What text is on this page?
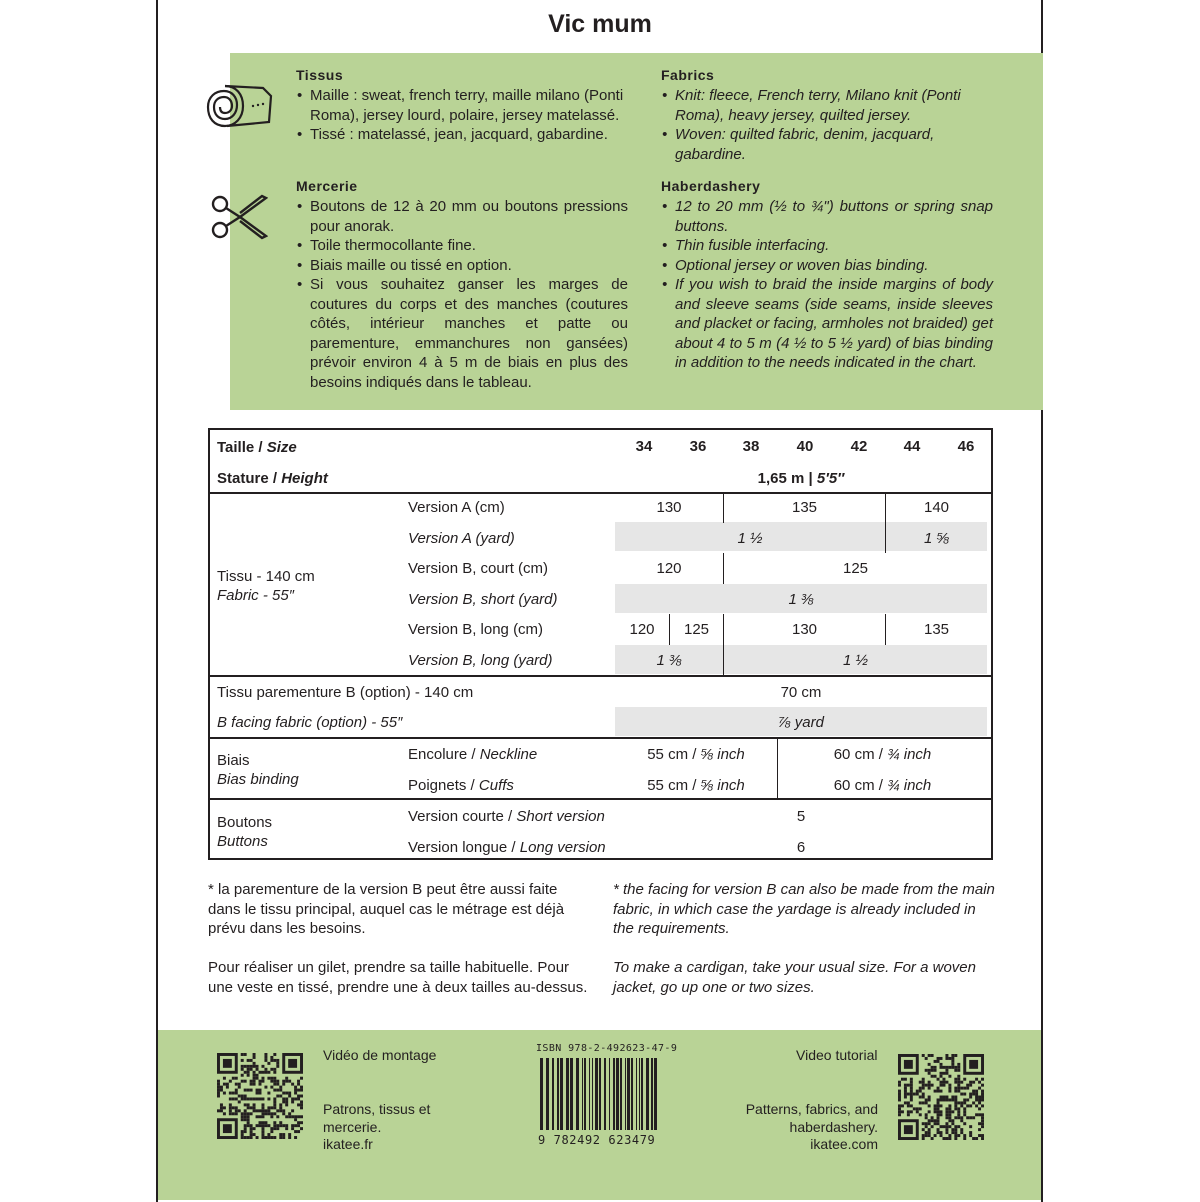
Vic mum
Tissus
• Maille : sweat, french terry, maille milano (Ponti Roma), jersey lourd, polaire, jersey matelassé.
• Tissé : matelassé, jean, jacquard, gabardine.
Fabrics
• Knit: fleece, French terry, Milano knit (Ponti Roma), heavy jersey, quilted jersey.
• Woven: quilted fabric, denim, jacquard, gabardine.
Mercerie
• Boutons de 12 à 20 mm ou boutons pressions pour anorak.
• Toile thermocollante fine.
• Biais maille ou tissé en option.
• Si vous souhaitez ganser les marges de coutures du corps et des manches (coutures côtés, intérieur manches et patte ou parementure, emmanchures non gansées) prévoir environ 4 à 5 m de biais en plus des besoins indiqués dans le tableau.
Haberdashery
• 12 to 20 mm (½ to ¾") buttons or spring snap buttons.
• Thin fusible interfacing.
• Optional jersey or woven bias binding.
• If you wish to braid the inside margins of body and sleeve seams (side seams, inside sleeves and placket or facing, armholes not braided) get about 4 to 5 m (4 ½ to 5 ½ yard) of bias binding in addition to the needs indicated in the chart.
Taille / Size	34	36	38	40	42	44	46
Stature / Height	1,65 m | 5′5″
Tissu - 140 cm
Fabric - 55″
Version A (cm)	130	135	140
Version A (yard)	1 ½	1 ⅝
Version B, court (cm)	120	125
Version B, short (yard)	1 ⅜
Version B, long (cm)	120	125	130	135
Version B, long (yard)	1 ⅜	1 ½
Tissu parementure B (option) - 140 cm	70 cm
B facing fabric (option) - 55″	⅞ yard
Biais
Bias binding
Encolure / Neckline	55 cm / ⅝ inch	60 cm / ¾ inch
Poignets / Cuffs	55 cm / ⅝ inch	60 cm / ¾ inch
Boutons
Buttons
Version courte / Short version	5
Version longue / Long version	6
* la parementure de la version B peut être aussi faite dans le tissu principal, auquel cas le métrage est déjà prévu dans les besoins.
Pour réaliser un gilet, prendre sa taille habituelle. Pour une veste en tissé, prendre une à deux tailles au-dessus.
* the facing for version B can also be made from the main fabric, in which case the yardage is already included in the requirements.
To make a cardigan, take your usual size. For a woven jacket, go up one or two sizes.
Vidéo de montage
Patrons, tissus et mercerie.
ikatee.fr
ISBN 978-2-492623-47-9
9 782492 623479
Video tutorial
Patterns, fabrics, and haberdashery.
ikatee.com
